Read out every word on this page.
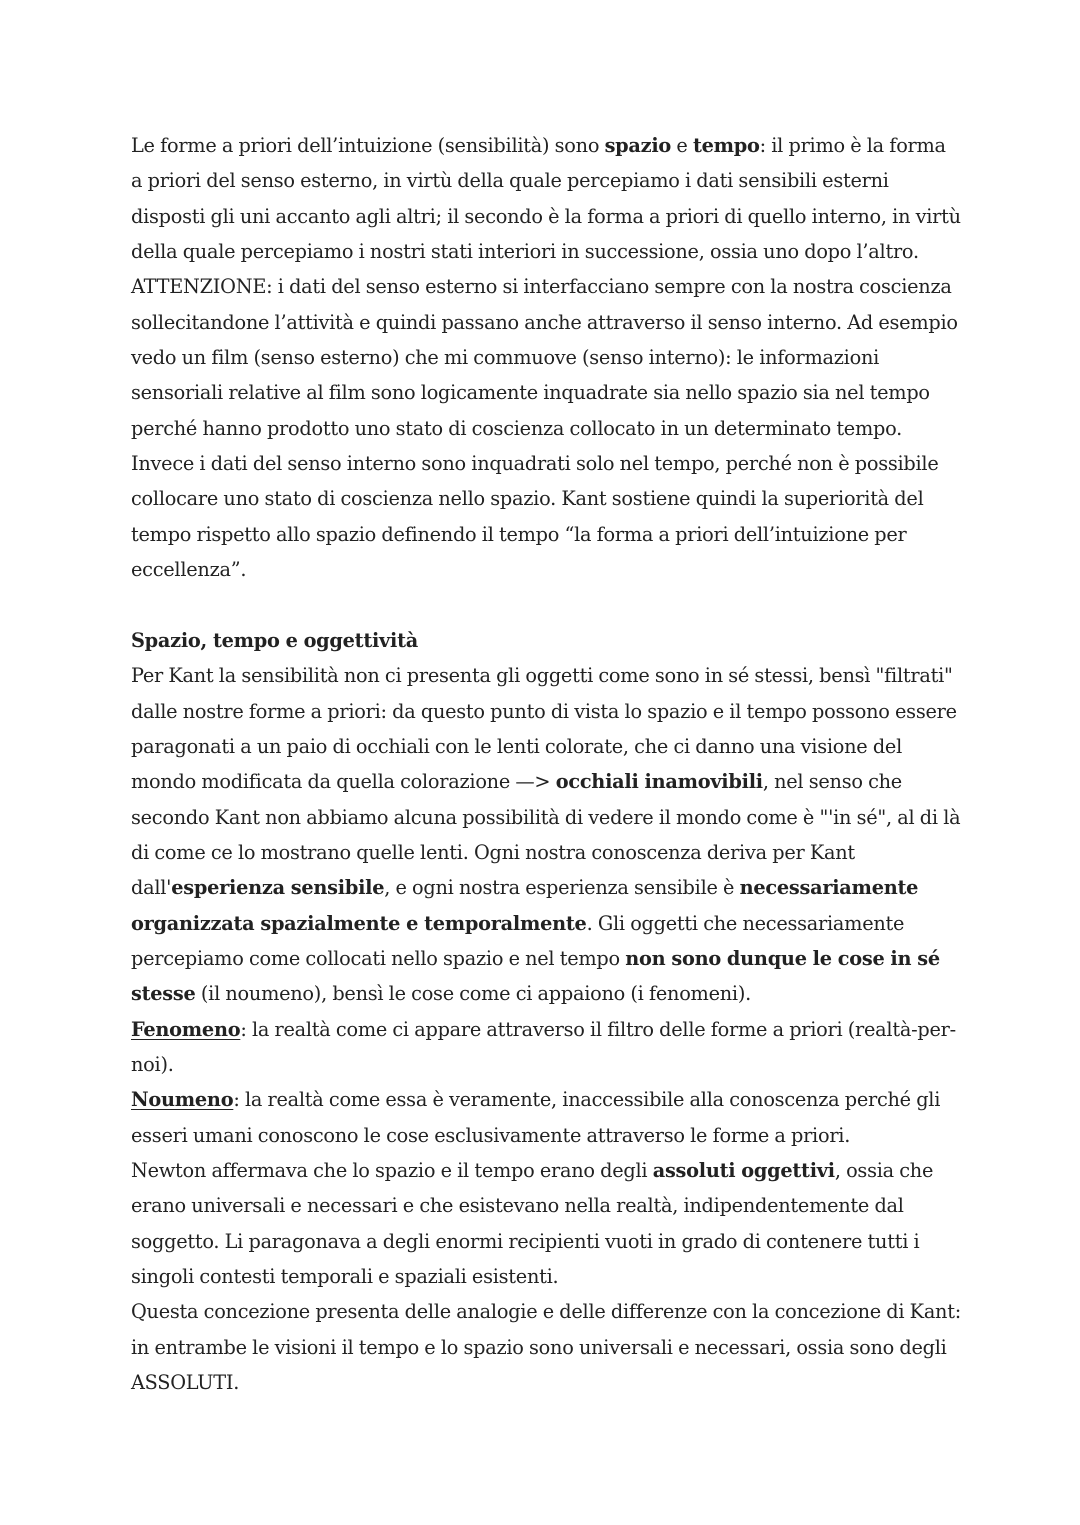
Le forme a priori dell’intuizione (sensibilità) sono spazio e tempo: il primo è la forma a priori del senso esterno, in virtù della quale percepiamo i dati sensibili esterni disposti gli uni accanto agli altri; il secondo è la forma a priori di quello interno, in virtù della quale percepiamo i nostri stati interiori in successione, ossia uno dopo l’altro.

ATTENZIONE: i dati del senso esterno si interfacciano sempre con la nostra coscienza sollecitandone l’attività e quindi passano anche attraverso il senso interno. Ad esempio vedo un film (senso esterno) che mi commuove (senso interno): le informazioni sensoriali relative al film sono logicamente inquadrate sia nello spazio sia nel tempo perché hanno prodotto uno stato di coscienza collocato in un determinato tempo.

Invece i dati del senso interno sono inquadrati solo nel tempo, perché non è possibile collocare uno stato di coscienza nello spazio. Kant sostiene quindi la superiorità del tempo rispetto allo spazio definendo il tempo “la forma a priori dell’intuizione per eccellenza”.

Spazio, tempo e oggettività

Per Kant la sensibilità non ci presenta gli oggetti come sono in sé stessi, bensì "filtrati" dalle nostre forme a priori: da questo punto di vista lo spazio e il tempo possono essere paragonati a un paio di occhiali con le lenti colorate, che ci danno una visione del mondo modificata da quella colorazione —> occhiali inamovibili, nel senso che secondo Kant non abbiamo alcuna possibilità di vedere il mondo come è "'in sé", al di là di come ce lo mostrano quelle lenti. Ogni nostra conoscenza deriva per Kant dall'esperienza sensibile, e ogni nostra esperienza sensibile è necessariamente organizzata spazialmente e temporalmente. Gli oggetti che necessariamente percepiamo come collocati nello spazio e nel tempo non sono dunque le cose in sé stesse (il noumeno), bensì le cose come ci appaiono (i fenomeni).

Fenomeno: la realtà come ci appare attraverso il filtro delle forme a priori (realtà-per-noi).

Noumeno: la realtà come essa è veramente, inaccessibile alla conoscenza perché gli esseri umani conoscono le cose esclusivamente attraverso le forme a priori.

Newton affermava che lo spazio e il tempo erano degli assoluti oggettivi, ossia che erano universali e necessari e che esistevano nella realtà, indipendentemente dal soggetto. Li paragonava a degli enormi recipienti vuoti in grado di contenere tutti i singoli contesti temporali e spaziali esistenti.

Questa concezione presenta delle analogie e delle differenze con la concezione di Kant: in entrambe le visioni il tempo e lo spazio sono universali e necessari, ossia sono degli ASSOLUTI.
